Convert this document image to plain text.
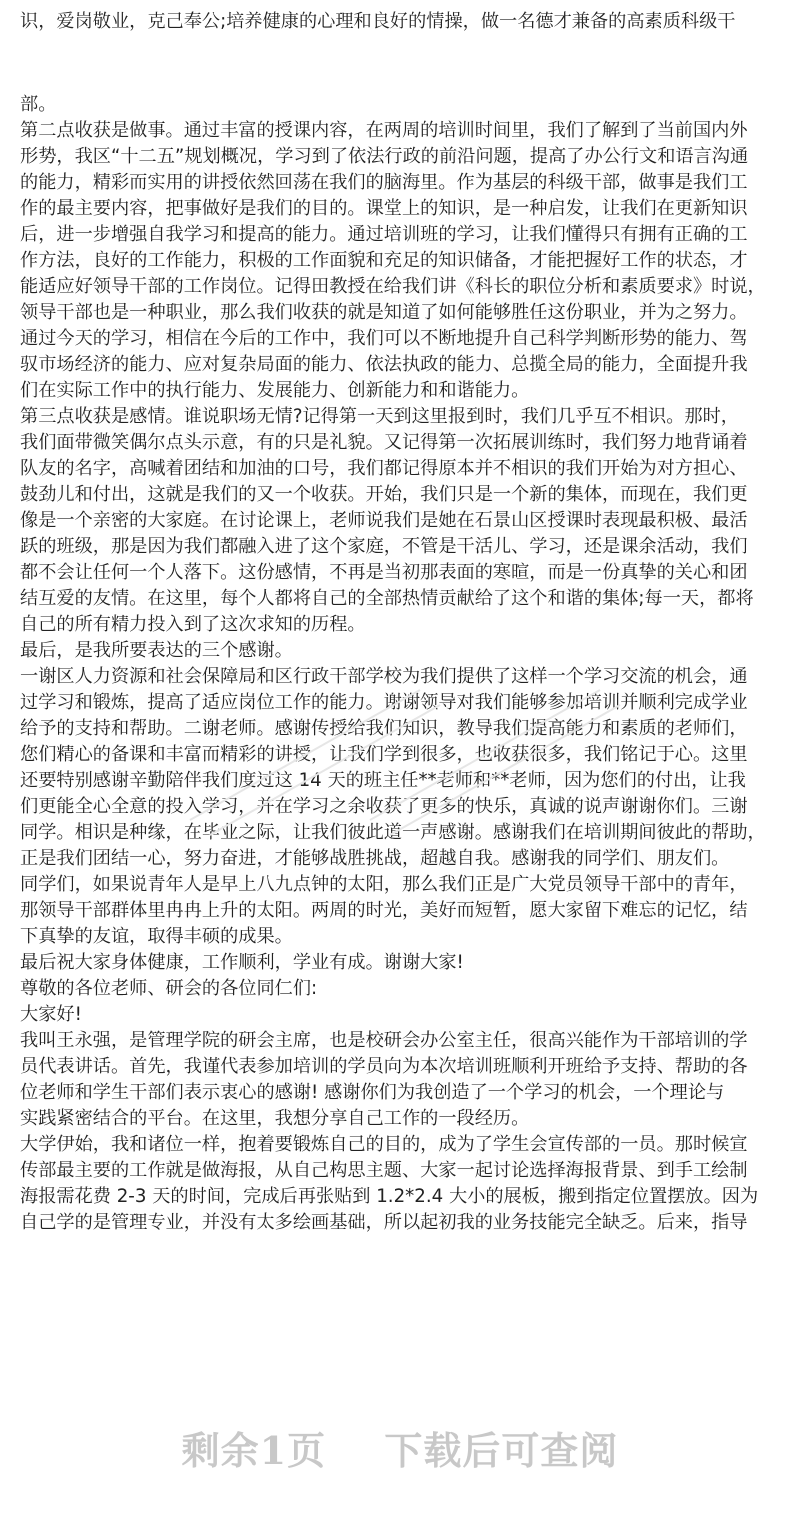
识，爱岗敬业，克己奉公;培养健康的心理和良好的情操，做一名德才兼备的高素质科级干
部。
第二点收获是做事。通过丰富的授课内容，在两周的培训时间里，我们了解到了当前国内外
形势，我区“十二五”规划概况，学习到了依法行政的前沿问题，提高了办公行文和语言沟通
的能力，精彩而实用的讲授依然回荡在我们的脑海里。作为基层的科级干部，做事是我们工
作的最主要内容，把事做好是我们的目的。课堂上的知识，是一种启发，让我们在更新知识
后，进一步增强自我学习和提高的能力。通过培训班的学习，让我们懂得只有拥有正确的工
作方法，良好的工作能力，积极的工作面貌和充足的知识储备，才能把握好工作的状态，才
能适应好领导干部的工作岗位。记得田教授在给我们讲《科长的职位分析和素质要求》时说，
领导干部也是一种职业，那么我们收获的就是知道了如何能够胜任这份职业，并为之努力。
通过今天的学习，相信在今后的工作中，我们可以不断地提升自己科学判断形势的能力、驾
驭市场经济的能力、应对复杂局面的能力、依法执政的能力、总揽全局的能力，全面提升我
们在实际工作中的执行能力、发展能力、创新能力和和谐能力。
第三点收获是感情。谁说职场无情?记得第一天到这里报到时，我们几乎互不相识。那时，
我们面带微笑偶尔点头示意，有的只是礼貌。又记得第一次拓展训练时，我们努力地背诵着
队友的名字，高喊着团结和加油的口号，我们都记得原本并不相识的我们开始为对方担心、
鼓劲儿和付出，这就是我们的又一个收获。开始，我们只是一个新的集体，而现在，我们更
像是一个亲密的大家庭。在讨论课上，老师说我们是她在石景山区授课时表现最积极、最活
跃的班级，那是因为我们都融入进了这个家庭，不管是干活儿、学习，还是课余活动，我们
都不会让任何一个人落下。这份感情，不再是当初那表面的寒暄，而是一份真挚的关心和团
结互爱的友情。在这里，每个人都将自己的全部热情贡献给了这个和谐的集体;每一天，都将
自己的所有精力投入到了这次求知的历程。
最后，是我所要表达的三个感谢。
一谢区人力资源和社会保障局和区行政干部学校为我们提供了这样一个学习交流的机会，通
过学习和锻炼，提高了适应岗位工作的能力。谢谢领导对我们能够参加培训并顺利完成学业
给予的支持和帮助。二谢老师。感谢传授给我们知识，教导我们提高能力和素质的老师们，
您们精心的备课和丰富而精彩的讲授，让我们学到很多，也收获很多，我们铭记于心。这里
还要特别感谢辛勤陪伴我们度过这 14 天的班主任**老师和**老师，因为您们的付出，让我
们更能全心全意的投入学习，并在学习之余收获了更多的快乐，真诚的说声谢谢你们。三谢
同学。相识是种缘，在毕业之际，让我们彼此道一声感谢。感谢我们在培训期间彼此的帮助，
正是我们团结一心，努力奋进，才能够战胜挑战，超越自我。感谢我的同学们、朋友们。
同学们，如果说青年人是早上八九点钟的太阳，那么我们正是广大党员领导干部中的青年，
那领导干部群体里冉冉上升的太阳。两周的时光，美好而短暂，愿大家留下难忘的记忆，结
下真挚的友谊，取得丰硕的成果。
最后祝大家身体健康，工作顺利，学业有成。谢谢大家!
尊敬的各位老师、研会的各位同仁们:
大家好!
我叫王永强，是管理学院的研会主席，也是校研会办公室主任，很高兴能作为干部培训的学
员代表讲话。首先，我谨代表参加培训的学员向为本次培训班顺利开班给予支持、帮助的各
位老师和学生干部们表示衷心的感谢! 感谢你们为我创造了一个学习的机会，一个理论与
实践紧密结合的平台。在这里，我想分享自己工作的一段经历。
大学伊始，我和诸位一样，抱着要锻炼自己的目的，成为了学生会宣传部的一员。那时候宣
传部最主要的工作就是做海报，从自己构思主题、大家一起讨论选择海报背景、到手工绘制
海报需花费 2-3 天的时间，完成后再张贴到 1.2*2.4 大小的展板，搬到指定位置摆放。因为
自己学的是管理专业，并没有太多绘画基础，所以起初我的业务技能完全缺乏。后来，指导
剩余1页 下载后可查阅
